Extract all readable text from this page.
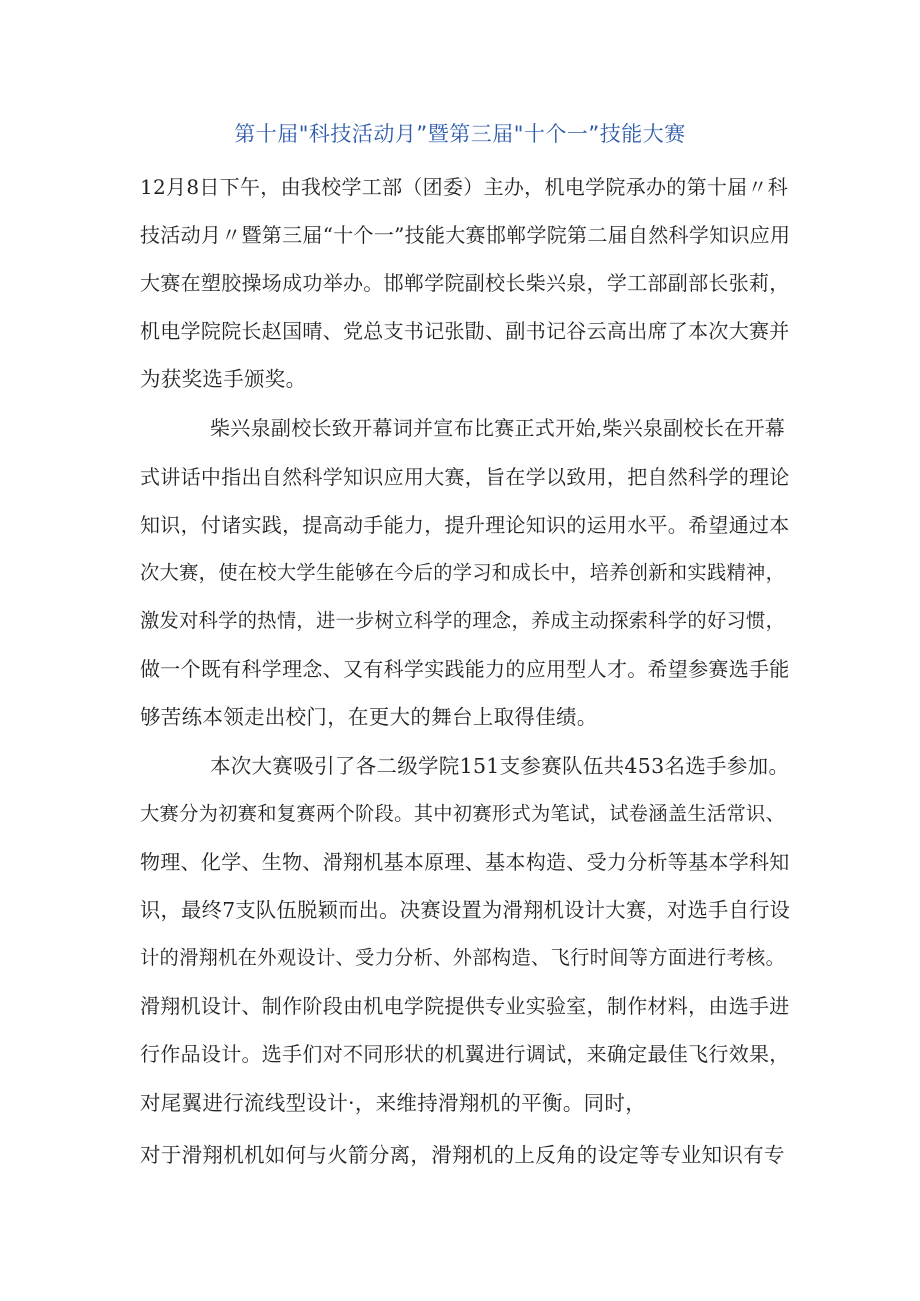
第十届"科技活动月”暨第三届"十个一”技能大赛
12月8日下午，由我校学工部（团委）主办，机电学院承办的第十届〃科
技活动月〃暨第三届“十个一”技能大赛邯郸学院第二届自然科学知识应用
大赛在塑胶操场成功举办。邯郸学院副校长柴兴泉，学工部副部长张莉，
机电学院院长赵国晴、党总支书记张勖、副书记谷云高出席了本次大赛并
为获奖选手颁奖。
柴兴泉副校长致开幕词并宣布比赛正式开始,柴兴泉副校长在开幕
式讲话中指出自然科学知识应用大赛，旨在学以致用，把自然科学的理论
知识，付诸实践，提高动手能力，提升理论知识的运用水平。希望通过本
次大赛，使在校大学生能够在今后的学习和成长中，培养创新和实践精神，
激发对科学的热情，进一步树立科学的理念，养成主动探索科学的好习惯，
做一个既有科学理念、又有科学实践能力的应用型人才。希望参赛选手能
够苦练本领走出校门，在更大的舞台上取得佳绩。
本次大赛吸引了各二级学院151支参赛队伍共453名选手参加。
大赛分为初赛和复赛两个阶段。其中初赛形式为笔试，试卷涵盖生活常识、
物理、化学、生物、滑翔机基本原理、基本构造、受力分析等基本学科知
识，最终7支队伍脱颖而出。决赛设置为滑翔机设计大赛，对选手自行设
计的滑翔机在外观设计、受力分析、外部构造、飞行时间等方面进行考核。
滑翔机设计、制作阶段由机电学院提供专业实验室，制作材料，由选手进
行作品设计。选手们对不同形状的机翼进行调试，来确定最佳飞行效果，
对尾翼进行流线型设计·，来维持滑翔机的平衡。同时，
对于滑翔机机如何与火箭分离，滑翔机的上反角的设定等专业知识有专
